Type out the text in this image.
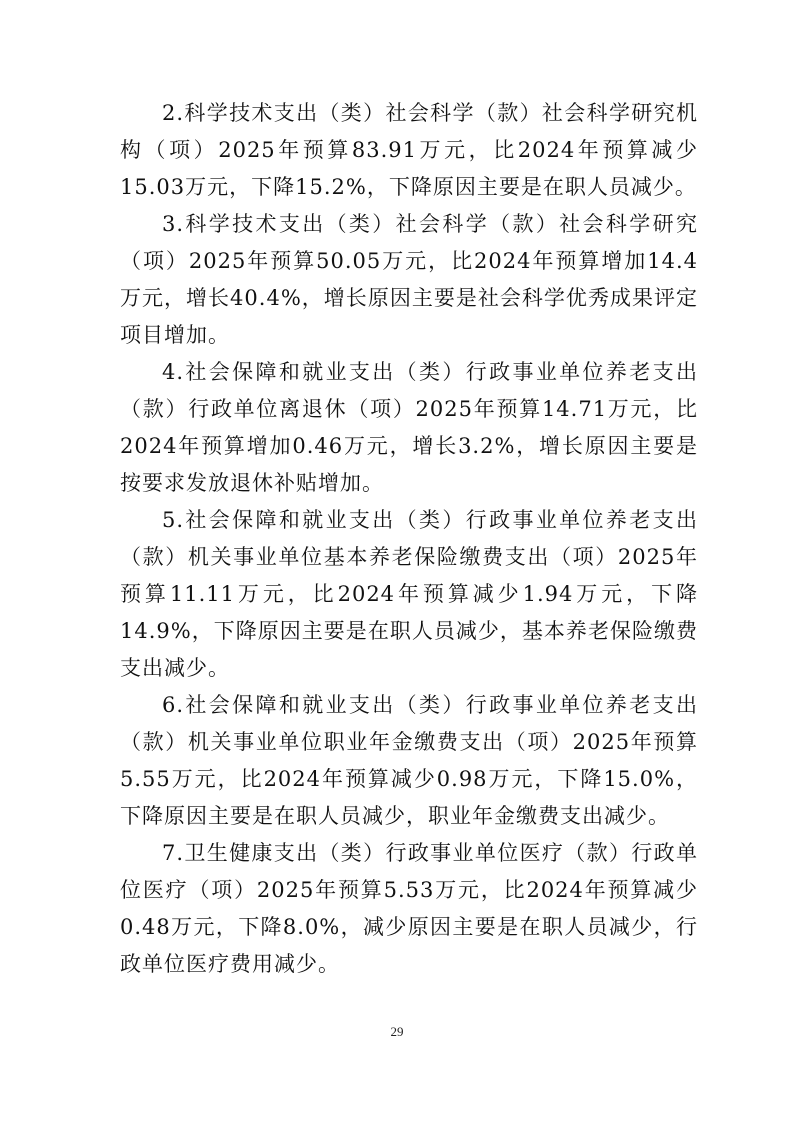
2.科学技术支出（类）社会科学（款）社会科学研究机构（项）2025年预算83.91万元，比2024年预算减少15.03万元，下降15.2%，下降原因主要是在职人员减少。

3.科学技术支出（类）社会科学（款）社会科学研究（项）2025年预算50.05万元，比2024年预算增加14.4万元，增长40.4%，增长原因主要是社会科学优秀成果评定项目增加。

4.社会保障和就业支出（类）行政事业单位养老支出（款）行政单位离退休（项）2025年预算14.71万元，比2024年预算增加0.46万元，增长3.2%，增长原因主要是按要求发放退休补贴增加。

5.社会保障和就业支出（类）行政事业单位养老支出（款）机关事业单位基本养老保险缴费支出（项）2025年预算11.11万元，比2024年预算减少1.94万元，下降14.9%，下降原因主要是在职人员减少，基本养老保险缴费支出减少。

6.社会保障和就业支出（类）行政事业单位养老支出（款）机关事业单位职业年金缴费支出（项）2025年预算5.55万元，比2024年预算减少0.98万元，下降15.0%，下降原因主要是在职人员减少，职业年金缴费支出减少。

7.卫生健康支出（类）行政事业单位医疗（款）行政单位医疗（项）2025年预算5.53万元，比2024年预算减少0.48万元，下降8.0%，减少原因主要是在职人员减少，行政单位医疗费用减少。

29
